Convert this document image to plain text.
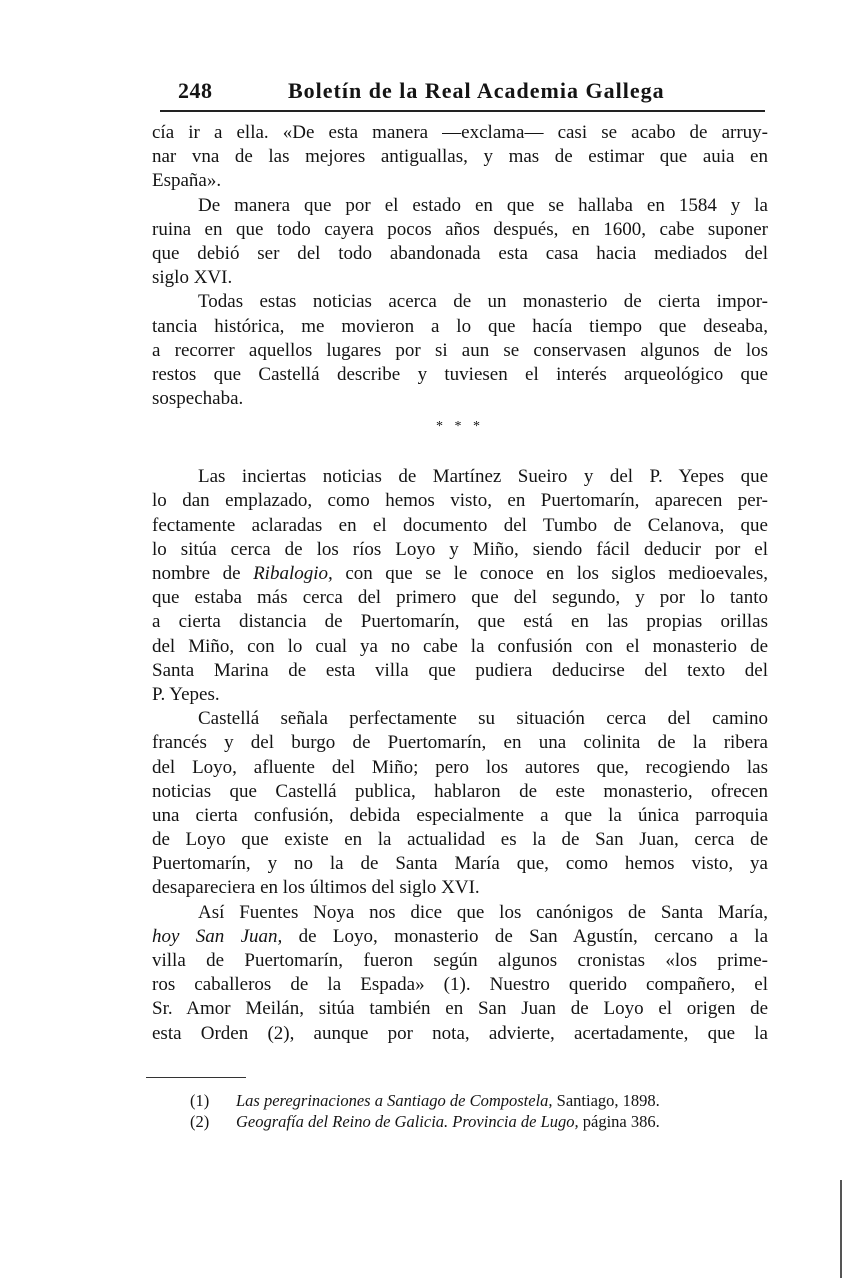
248	Boletín de la Real Academia Gallega
cía ir a ella. «De esta manera —exclama— casi se acabo de arruy-
nar vna de las mejores antiguallas, y mas de estimar que auia en
España».
De manera que por el estado en que se hallaba en 1584 y la
ruina en que todo cayera pocos años después, en 1600, cabe suponer
que debió ser del todo abandonada esta casa hacia mediados del
siglo XVI.
Todas estas noticias acerca de un monasterio de cierta impor-
tancia histórica, me movieron a lo que hacía tiempo que deseaba,
a recorrer aquellos lugares por si aun se conservasen algunos de los
restos que Castellá describe y tuviesen el interés arqueológico que
sospechaba.
* * *
Las inciertas noticias de Martínez Sueiro y del P. Yepes que
lo dan emplazado, como hemos visto, en Puertomarín, aparecen per-
fectamente aclaradas en el documento del Tumbo de Celanova, que
lo sitúa cerca de los ríos Loyo y Miño, siendo fácil deducir por el
nombre de Ribalogio, con que se le conoce en los siglos medioevales,
que estaba más cerca del primero que del segundo, y por lo tanto
a cierta distancia de Puertomarín, que está en las propias orillas
del Miño, con lo cual ya no cabe la confusión con el monasterio de
Santa Marina de esta villa que pudiera deducirse del texto del
P. Yepes.
Castellá señala perfectamente su situación cerca del camino
francés y del burgo de Puertomarín, en una colinita de la ribera
del Loyo, afluente del Miño; pero los autores que, recogiendo las
noticias que Castellá publica, hablaron de este monasterio, ofrecen
una cierta confusión, debida especialmente a que la única parroquia
de Loyo que existe en la actualidad es la de San Juan, cerca de
Puertomarín, y no la de Santa María que, como hemos visto, ya
desapareciera en los últimos del siglo XVI.
Así Fuentes Noya nos dice que los canónigos de Santa María,
hoy San Juan, de Loyo, monasterio de San Agustín, cercano a la
villa de Puertomarín, fueron según algunos cronistas «los prime-
ros caballeros de la Espada» (1). Nuestro querido compañero, el
Sr. Amor Meilán, sitúa también en San Juan de Loyo el origen de
esta Orden (2), aunque por nota, advierte, acertadamente, que la
(1) Las peregrinaciones a Santiago de Compostela, Santiago, 1898.
(2) Geografía del Reino de Galicia. Provincia de Lugo, página 386.
